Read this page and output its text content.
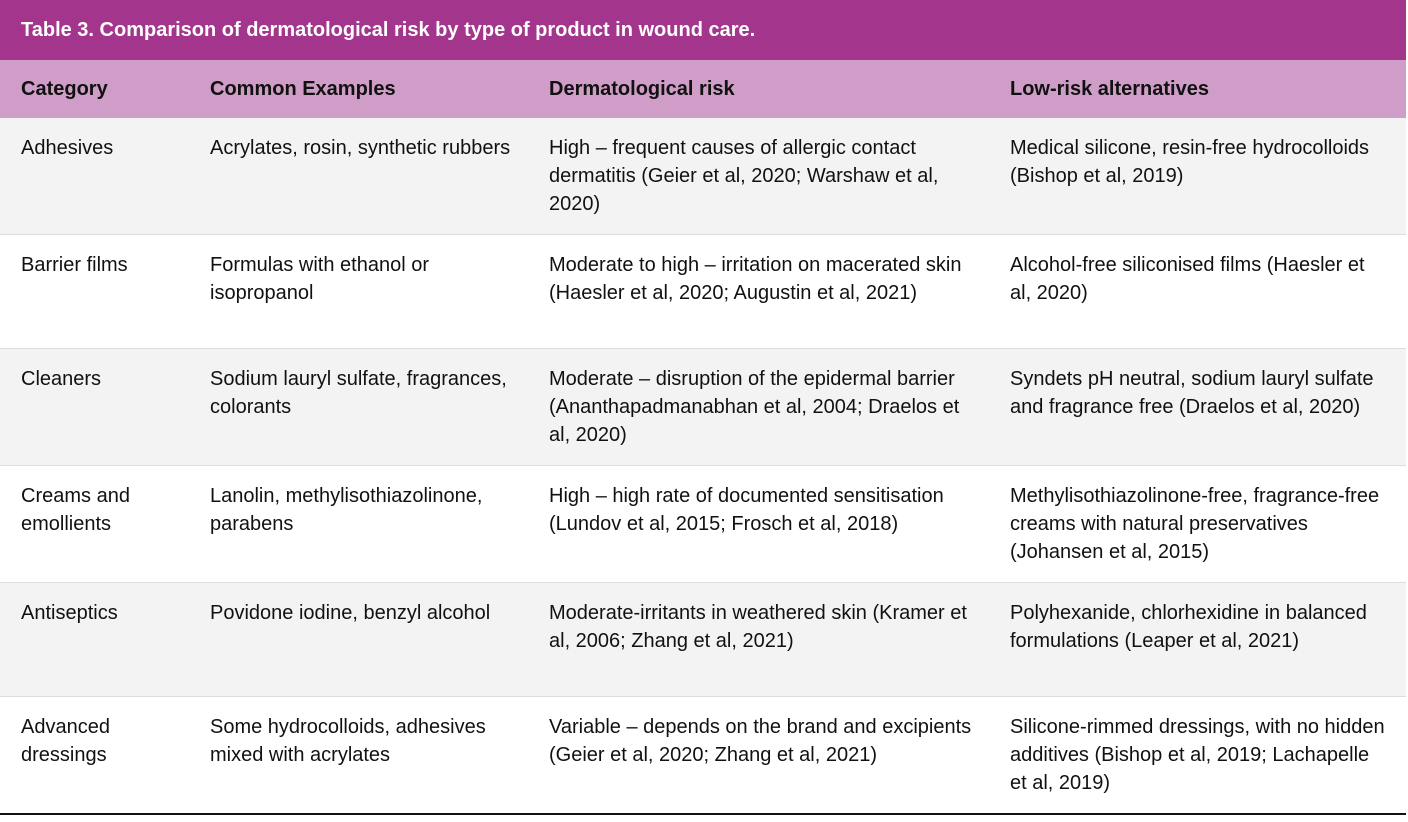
Table 3. Comparison of dermatological risk by type of product in wound care.
Category	Common Examples	Dermatological risk	Low-risk alternatives
Adhesives	Acrylates, rosin, synthetic rubbers	High – frequent causes of allergic contact dermatitis (Geier et al, 2020; Warshaw et al, 2020)	Medical silicone, resin-free hydrocolloids (Bishop et al, 2019)
Barrier films	Formulas with ethanol or isopropanol	Moderate to high – irritation on macerated skin (Haesler et al, 2020; Augustin et al, 2021)	Alcohol-free siliconised films (Haesler et al, 2020)
Cleaners	Sodium lauryl sulfate, fragrances, colorants	Moderate – disruption of the epidermal barrier (Ananthapadmanabhan et al, 2004; Draelos et al, 2020)	Syndets pH neutral, sodium lauryl sulfate and fragrance free (Draelos et al, 2020)
Creams and emollients	Lanolin, methylisothiazolinone, parabens	High – high rate of documented sensitisation (Lundov et al, 2015; Frosch et al, 2018)	Methylisothiazolinone-free, fragrance-free creams with natural preservatives (Johansen et al, 2015)
Antiseptics	Povidone iodine, benzyl alcohol	Moderate-irritants in weathered skin (Kramer et al, 2006; Zhang et al, 2021)	Polyhexanide, chlorhexidine in balanced formulations (Leaper et al, 2021)
Advanced dressings	Some hydrocolloids, adhesives mixed with acrylates	Variable – depends on the brand and excipients (Geier et al, 2020; Zhang et al, 2021)	Silicone-rimmed dressings, with no hidden additives (Bishop et al, 2019; Lachapelle et al, 2019)
